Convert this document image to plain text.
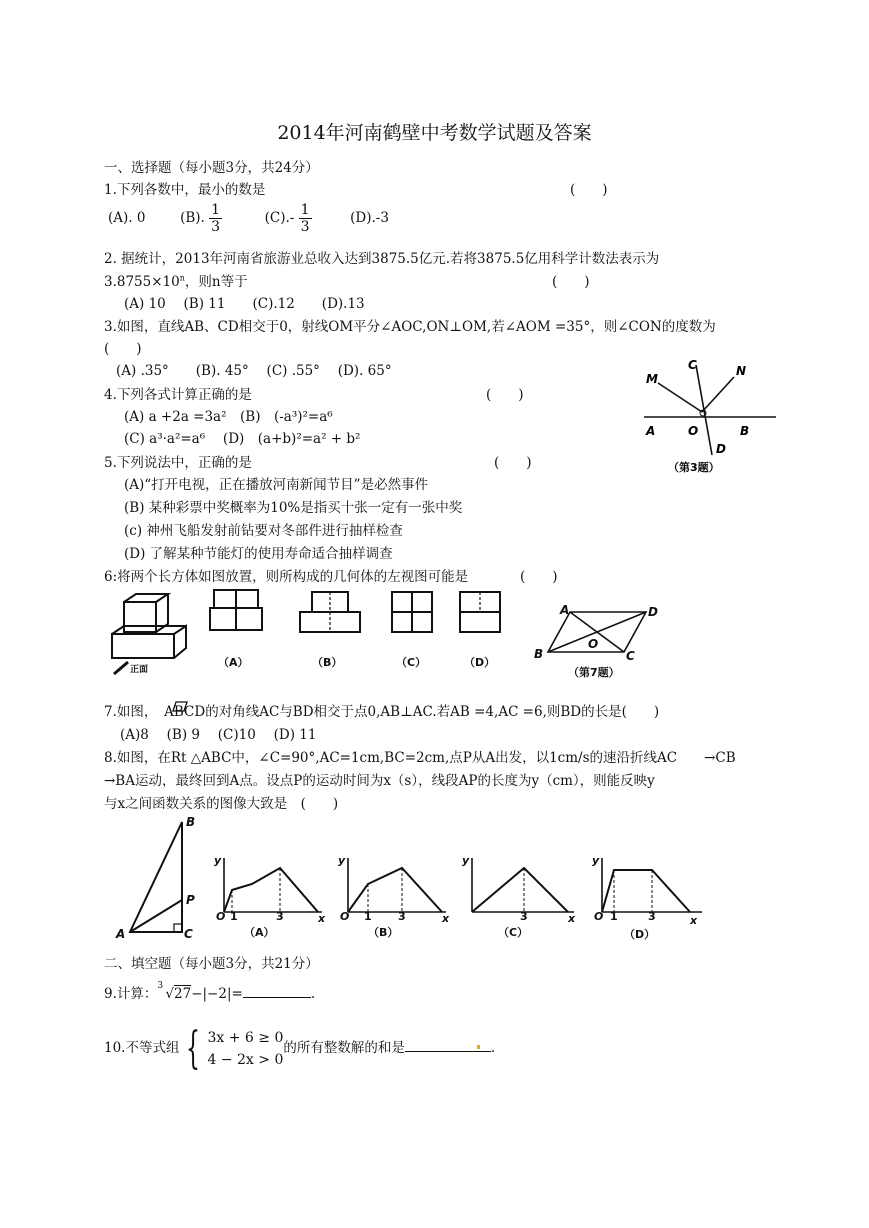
2014年河南鹤壁中考数学试题及答案
一、选择题（每小题3分，共24分）
1.下列各数中，最小的数是	(　　)
(A). 0	(B). $\frac{1}{3}$	$(C).- \frac{1}{3}$	(D).-3
2. 据统计，2013年河南省旅游业总收入达到3875.5亿元.若将3875.5亿用科学计数法表示为
$3.8755\times 10^n$，则n等于	(　　)
(A) 10　 (B) 11　　(C).12　　(D).13
3.如图，直线AB、CD相交于0，射线OM平分∠AOC,ON⊥OM,若∠AOM =35°，则∠CON的度数为
(　　)
(A) .35°　　(B). 45°　 (C) .55°　 (D). 65°	M
C	N
A	O	B
D
（第3题）
4.下列各式计算正确的是	(　　)
(A) a +2a =3a²　(B)　(-a³)²=a⁶
(C) a³·a²=a⁶　 (D)　(a+b)²=a² + b²
5.下列说法中，正确的是	(　　)
(A)“打开电视，正在播放河南新闻节目”是必然事件
(B) 某种彩票中奖概率为10%是指买十张一定有一张中奖
(c) 神州飞船发射前钻要对冬部件进行抽样检查
(D) 了解某种节能灯的使用寿命适合抽样调查
6:将两个长方体如图放置，则所构成的几何体的左视图可能是	(　　)
正面
（A）	（B）	（C）	（D）
A	D
B	C
O
（第7题）
7.如图，　ABCD的对角线AC与BD相交于点0,AB⊥AC.若AB =4,AC =6,则BD的长是(　　)
(A)8　 (B) 9　 (C)10　 (D) 11
8.如图，在Rt △ABC中，∠C=90°,AC=1cm,BC=2cm,点P从A出发，以1cm/s的速沿折线AC　　→CB
→BA运动，最终回到A点。设点P的运动时间为x（s），线段AP的长度为y（cm），则能反映y
与x之间函数关系的图像大致是　(　　)
B
P
A	C
y
O 1	3	x
（A）
y
O 1 3	x
（B）
y
3	x
（C）
y
O 1	3	x
（D）
二、填空题（每小题3分，共21分）
9.计算： 3 √27−|−2|=	.
10.不等式组 { 3x + 6 ≥ 0
4 − 2x > 0
的所有整数解的和是	.
